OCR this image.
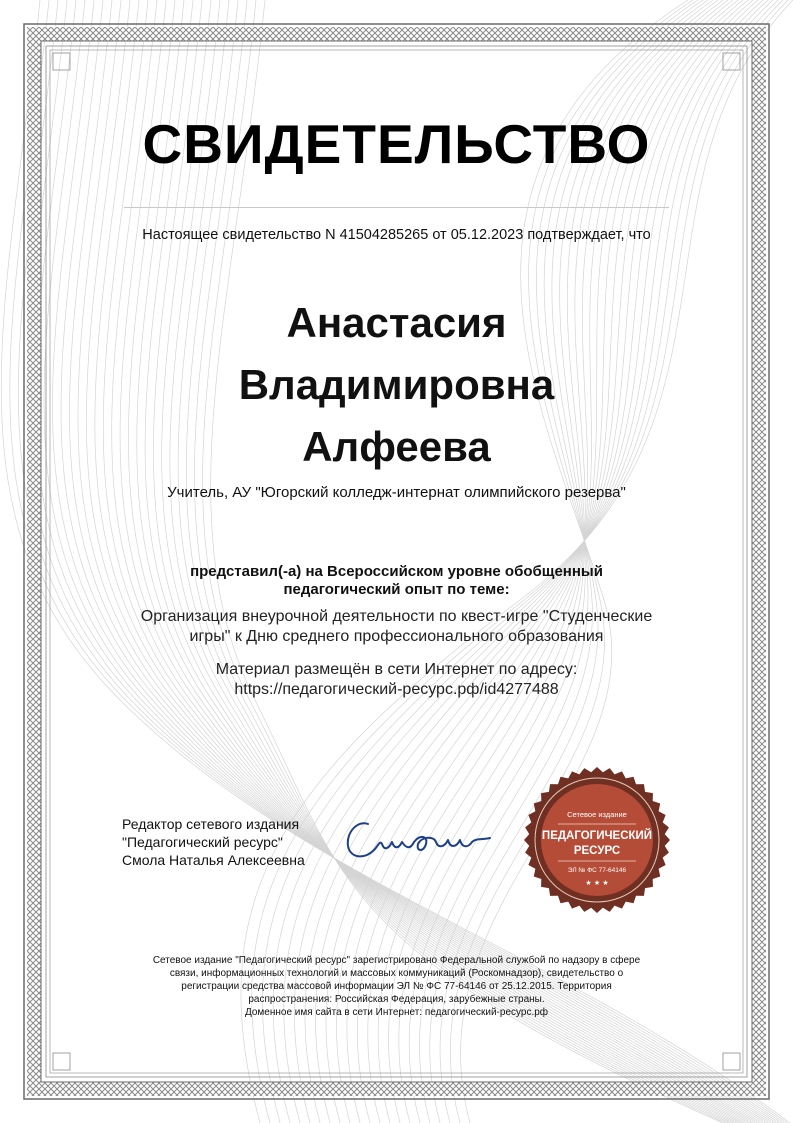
СВИДЕТЕЛЬСТВО
Настоящее свидетельство N 41504285265 от 05.12.2023 подтверждает, что
Анастасия
Владимировна
Алфеева
Учитель, АУ "Югорский колледж-интернат олимпийского резерва"
представил(-а) на Всероссийском уровне обобщенный
педагогический опыт по теме:
Организация внеурочной деятельности по квест-игре "Студенческие
игры" к Дню среднего профессионального образования
Материал размещён в сети Интернет по адресу:
https://педагогический-ресурс.рф/id4277488
Редактор сетевого издания
"Педагогический ресурс"
Смола Наталья Алексеевна
Сетевое издание
ПЕДАГОГИЧЕСКИЙ
РЕСУРС
ЭЛ № ФС 77-64146
★ ★ ★
Сетевое издание "Педагогический ресурс" зарегистрировано Федеральной службой по надзору в сфере
связи, информационных технологий и массовых коммуникаций (Роскомнадзор), свидетельство о
регистрации средства массовой информации ЭЛ № ФС 77-64146 от 25.12.2015. Территория
распространения: Российская Федерация, зарубежные страны.
Доменное имя сайта в сети Интернет: педагогический-ресурс.рф
